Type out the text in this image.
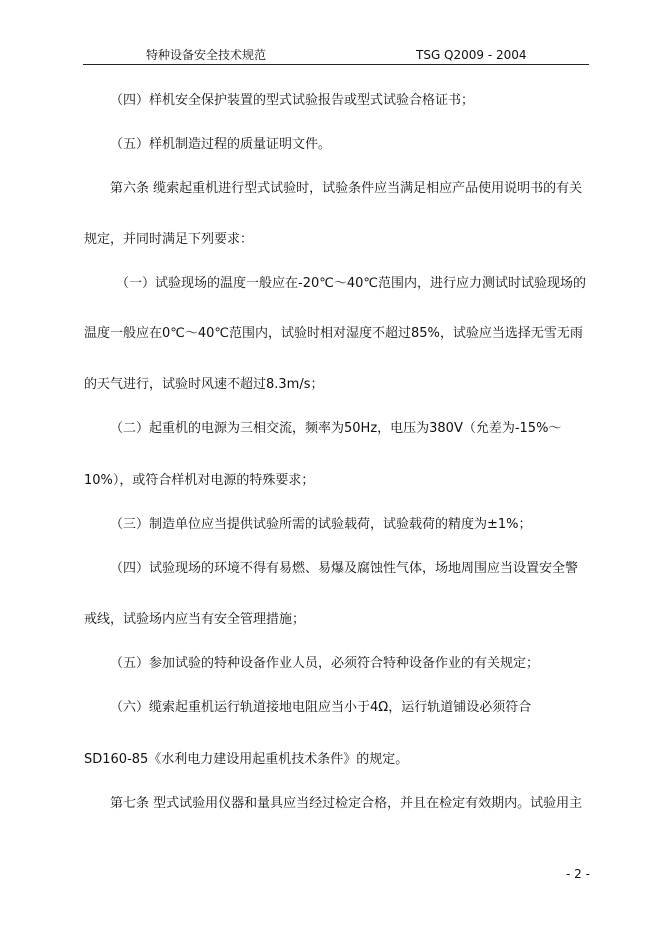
特种设备安全技术规范	TSG Q2009 - 2004
（四）样机安全保护装置的型式试验报告或型式试验合格证书；
（五）样机制造过程的质量证明文件。
第六条 缆索起重机进行型式试验时，试验条件应当满足相应产品使用说明书的有关
规定，并同时满足下列要求：
（一）试验现场的温度一般应在-20℃～40℃范围内，进行应力测试时试验现场的
温度一般应在0℃～40℃范围内，试验时相对湿度不超过85%，试验应当选择无雪无雨
的天气进行，试验时风速不超过8.3m/s；
（二）起重机的电源为三相交流，频率为50Hz，电压为380V（允差为-15%～
10%），或符合样机对电源的特殊要求；
（三）制造单位应当提供试验所需的试验载荷，试验载荷的精度为±1%；
（四）试验现场的环境不得有易燃、易爆及腐蚀性气体，场地周围应当设置安全警
戒线，试验场内应当有安全管理措施；
（五）参加试验的特种设备作业人员，必须符合特种设备作业的有关规定；
（六）缆索起重机运行轨道接地电阻应当小于4Ω，运行轨道铺设必须符合
SD160-85《水利电力建设用起重机技术条件》的规定。
第七条 型式试验用仪器和量具应当经过检定合格，并且在检定有效期内。试验用主
- 2 -
